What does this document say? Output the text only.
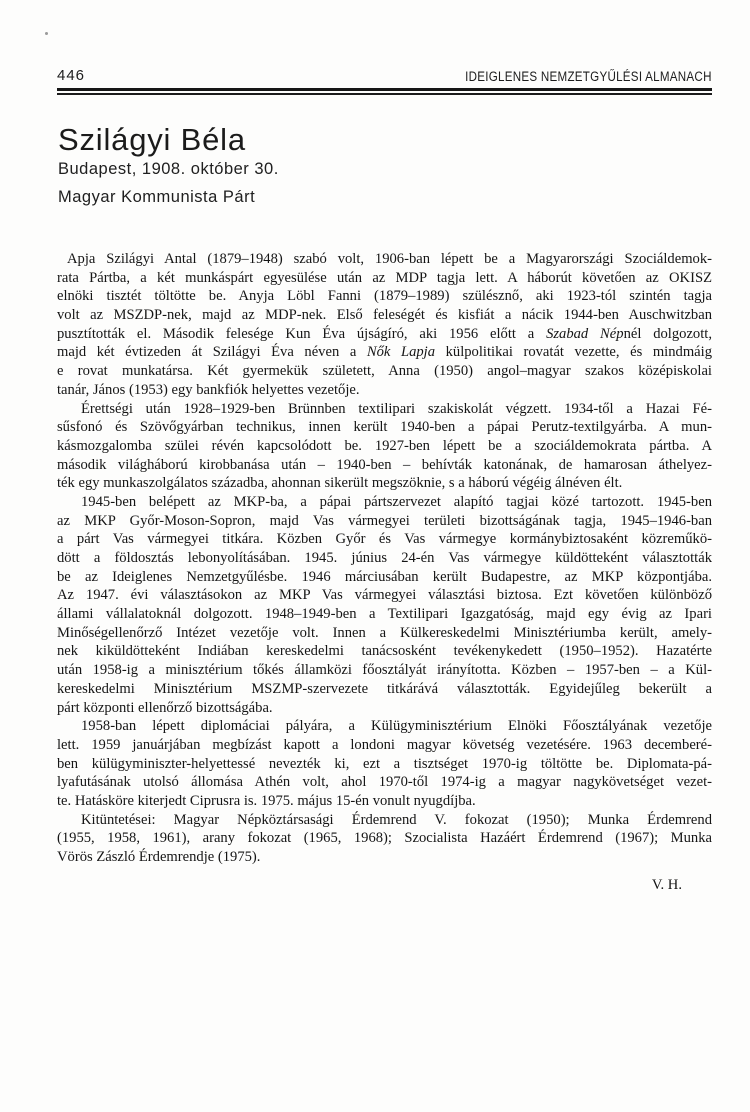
446	IDEIGLENES NEMZETGYŰLÉSI ALMANACH
Szilágyi Béla
Budapest, 1908. október 30.
Magyar Kommunista Párt
Apja Szilágyi Antal (1879–1948) szabó volt, 1906-ban lépett be a Magyarországi Szociáldemok-
rata Pártba, a két munkáspárt egyesülése után az MDP tagja lett. A háborút követően az OKISZ
elnöki tisztét töltötte be. Anyja Löbl Fanni (1879–1989) szülésznő, aki 1923-tól szintén tagja
volt az MSZDP-nek, majd az MDP-nek. Első feleségét és kisfiát a nácik 1944-ben Auschwitzban
pusztították el. Második felesége Kun Éva újságíró, aki 1956 előtt a Szabad Népnél dolgozott,
majd két évtizeden át Szilágyi Éva néven a Nők Lapja külpolitikai rovatát vezette, és mindmáig
e rovat munkatársa. Két gyermekük született, Anna (1950) angol–magyar szakos középiskolai
tanár, János (1953) egy bankfiók helyettes vezetője.
Érettségi után 1928–1929-ben Brünnben textilipari szakiskolát végzett. 1934-től a Hazai Fé-
sűsfonó és Szövőgyárban technikus, innen került 1940-ben a pápai Perutz-textilgyárba. A mun-
kásmozgalomba szülei révén kapcsolódott be. 1927-ben lépett be a szociáldemokrata pártba. A
második világháború kirobbanása után – 1940-ben – behívták katonának, de hamarosan áthelyez-
ték egy munkaszolgálatos századba, ahonnan sikerült megszöknie, s a háború végéig álnéven élt.
1945-ben belépett az MKP-ba, a pápai pártszervezet alapító tagjai közé tartozott. 1945-ben
az MKP Győr-Moson-Sopron, majd Vas vármegyei területi bizottságának tagja, 1945–1946-ban
a párt Vas vármegyei titkára. Közben Győr és Vas vármegye kormánybiztosaként közreműkö-
dött a földosztás lebonyolításában. 1945. június 24-én Vas vármegye küldötteként választották
be az Ideiglenes Nemzetgyűlésbe. 1946 márciusában került Budapestre, az MKP központjába.
Az 1947. évi választásokon az MKP Vas vármegyei választási biztosa. Ezt követően különböző
állami vállalatoknál dolgozott. 1948–1949-ben a Textilipari Igazgatóság, majd egy évig az Ipari
Minőségellenőrző Intézet vezetője volt. Innen a Külkereskedelmi Minisztériumba került, amely-
nek kiküldötteként Indiában kereskedelmi tanácsosként tevékenykedett (1950–1952). Hazatérte
után 1958-ig a minisztérium tőkés államközi főosztályát irányította. Közben – 1957-ben – a Kül-
kereskedelmi Minisztérium MSZMP-szervezete titkárává választották. Egyidejűleg bekerült a
párt központi ellenőrző bizottságába.
1958-ban lépett diplomáciai pályára, a Külügyminisztérium Elnöki Főosztályának vezetője
lett. 1959 januárjában megbízást kapott a londoni magyar követség vezetésére. 1963 decemberé-
ben külügyminiszter-helyettessé nevezték ki, ezt a tisztséget 1970-ig töltötte be. Diplomata-pá-
lyafutásának utolsó állomása Athén volt, ahol 1970-től 1974-ig a magyar nagykövetséget vezet-
te. Hatásköre kiterjedt Ciprusra is. 1975. május 15-én vonult nyugdíjba.
Kitüntetései: Magyar Népköztársasági Érdemrend V. fokozat (1950); Munka Érdemrend
(1955, 1958, 1961), arany fokozat (1965, 1968); Szocialista Hazáért Érdemrend (1967); Munka
Vörös Zászló Érdemrendje (1975).
V. H.
